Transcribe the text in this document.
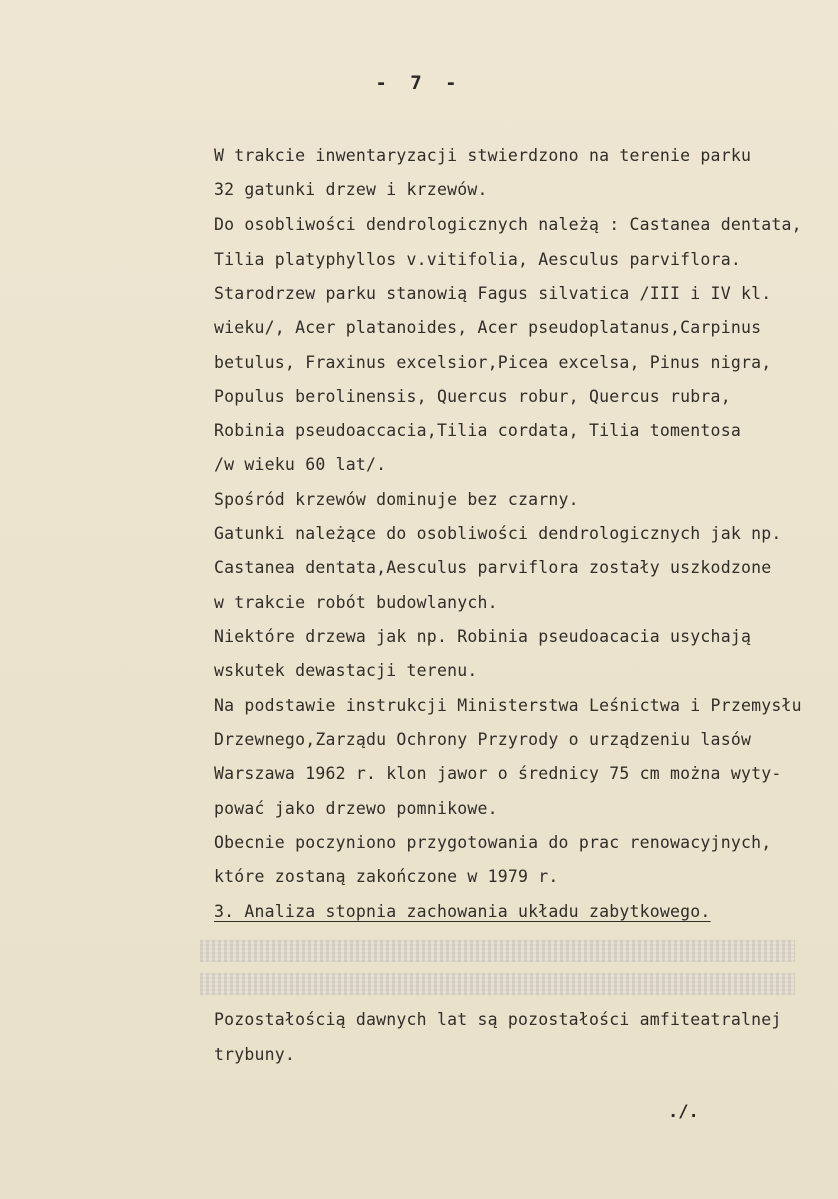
- 7 -
W trakcie inwentaryzacji stwierdzono na terenie parku
32 gatunki drzew i krzewów.
Do osobliwości dendrologicznych należą : Castanea dentata,
Tilia platyphyllos v.vitifolia, Aesculus parviflora.
Starodrzew parku stanowią Fagus silvatica /III i IV kl.
wieku/, Acer platanoides, Acer pseudoplatanus,Carpinus
betulus, Fraxinus excelsior,Picea excelsa, Pinus nigra,
Populus berolinensis, Quercus robur, Quercus rubra,
Robinia pseudoaccacia,Tilia cordata, Tilia tomentosa
/w wieku 60 lat/.
Spośród krzewów dominuje bez czarny.
Gatunki należące do osobliwości dendrologicznych jak np.
Castanea dentata,Aesculus parviflora zostały uszkodzone
w trakcie robót budowlanych.
Niektóre drzewa jak np. Robinia pseudoacacia usychają
wskutek dewastacji terenu.
Na podstawie instrukcji Ministerstwa Leśnictwa i Przemysłu
Drzewnego,Zarządu Ochrony Przyrody o urządzeniu lasów
Warszawa 1962 r. klon jawor o średnicy 75 cm można wyty-
pować jako drzewo pomnikowe.
Obecnie poczyniono przygotowania do prac renowacyjnych,
które zostaną zakończone w 1979 r.
3. Analiza stopnia zachowania układu zabytkowego.
Pozostałością dawnych lat są pozostałości amfiteatralnej
trybuny.
./.
